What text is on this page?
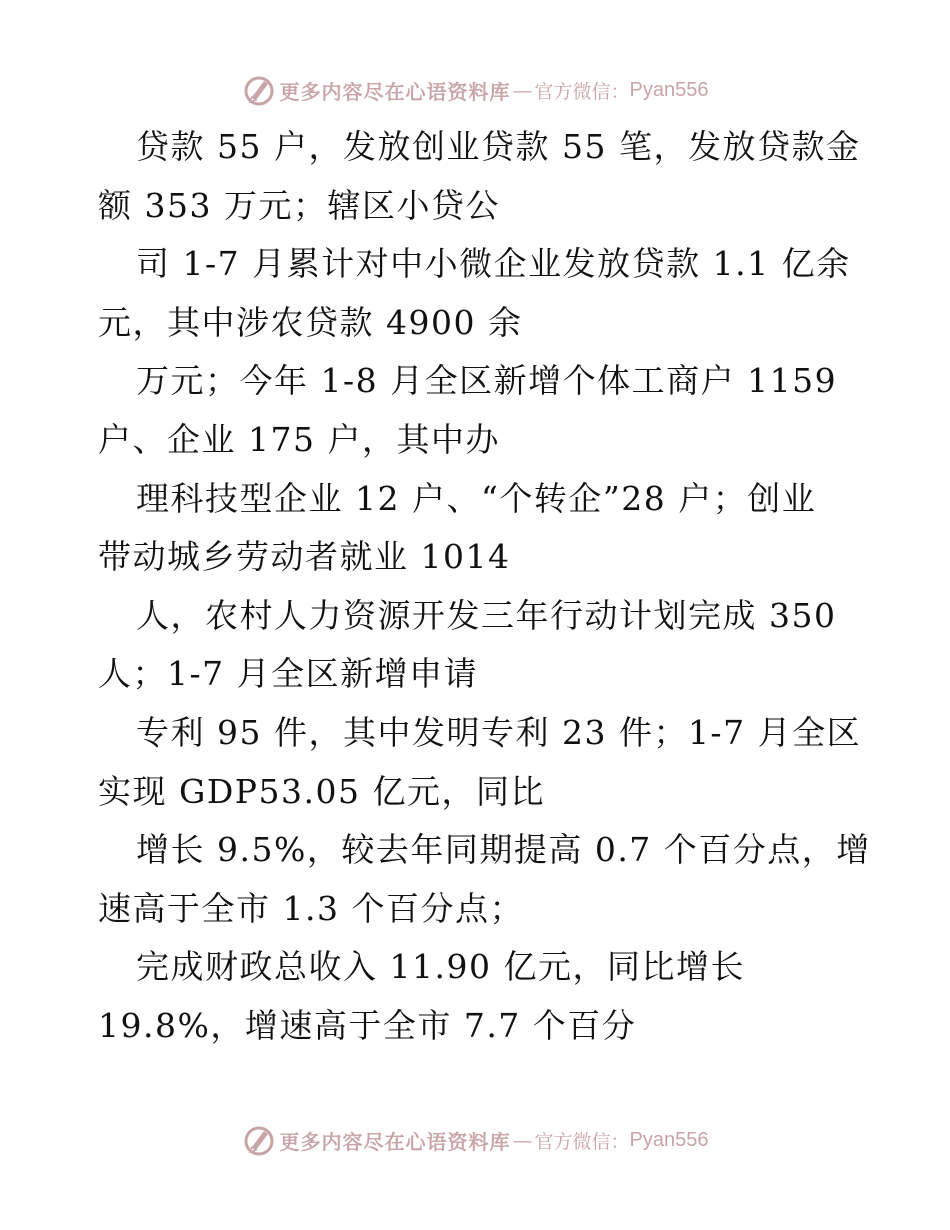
更多内容尽在心语资料库 — 官方微信： Pyan556
贷款 55 户，发放创业贷款 55 笔，发放贷款金
额 353 万元；辖区小贷公
司 1-7 月累计对中小微企业发放贷款 1.1 亿余
元，其中涉农贷款 4900 余
万元；今年 1-8 月全区新增个体工商户 1159
户、企业 175 户，其中办
理科技型企业 12 户、“个转企”28 户；创业
带动城乡劳动者就业 1014
人，农村人力资源开发三年行动计划完成 350
人；1-7 月全区新增申请
专利 95 件，其中发明专利 23 件；1-7 月全区
实现 GDP53.05 亿元，同比
增长 9.5%，较去年同期提高 0.7 个百分点，增
速高于全市 1.3 个百分点；
完成财政总收入 11.90 亿元，同比增长
19.8%，增速高于全市 7.7 个百分
更多内容尽在心语资料库 — 官方微信： Pyan556
